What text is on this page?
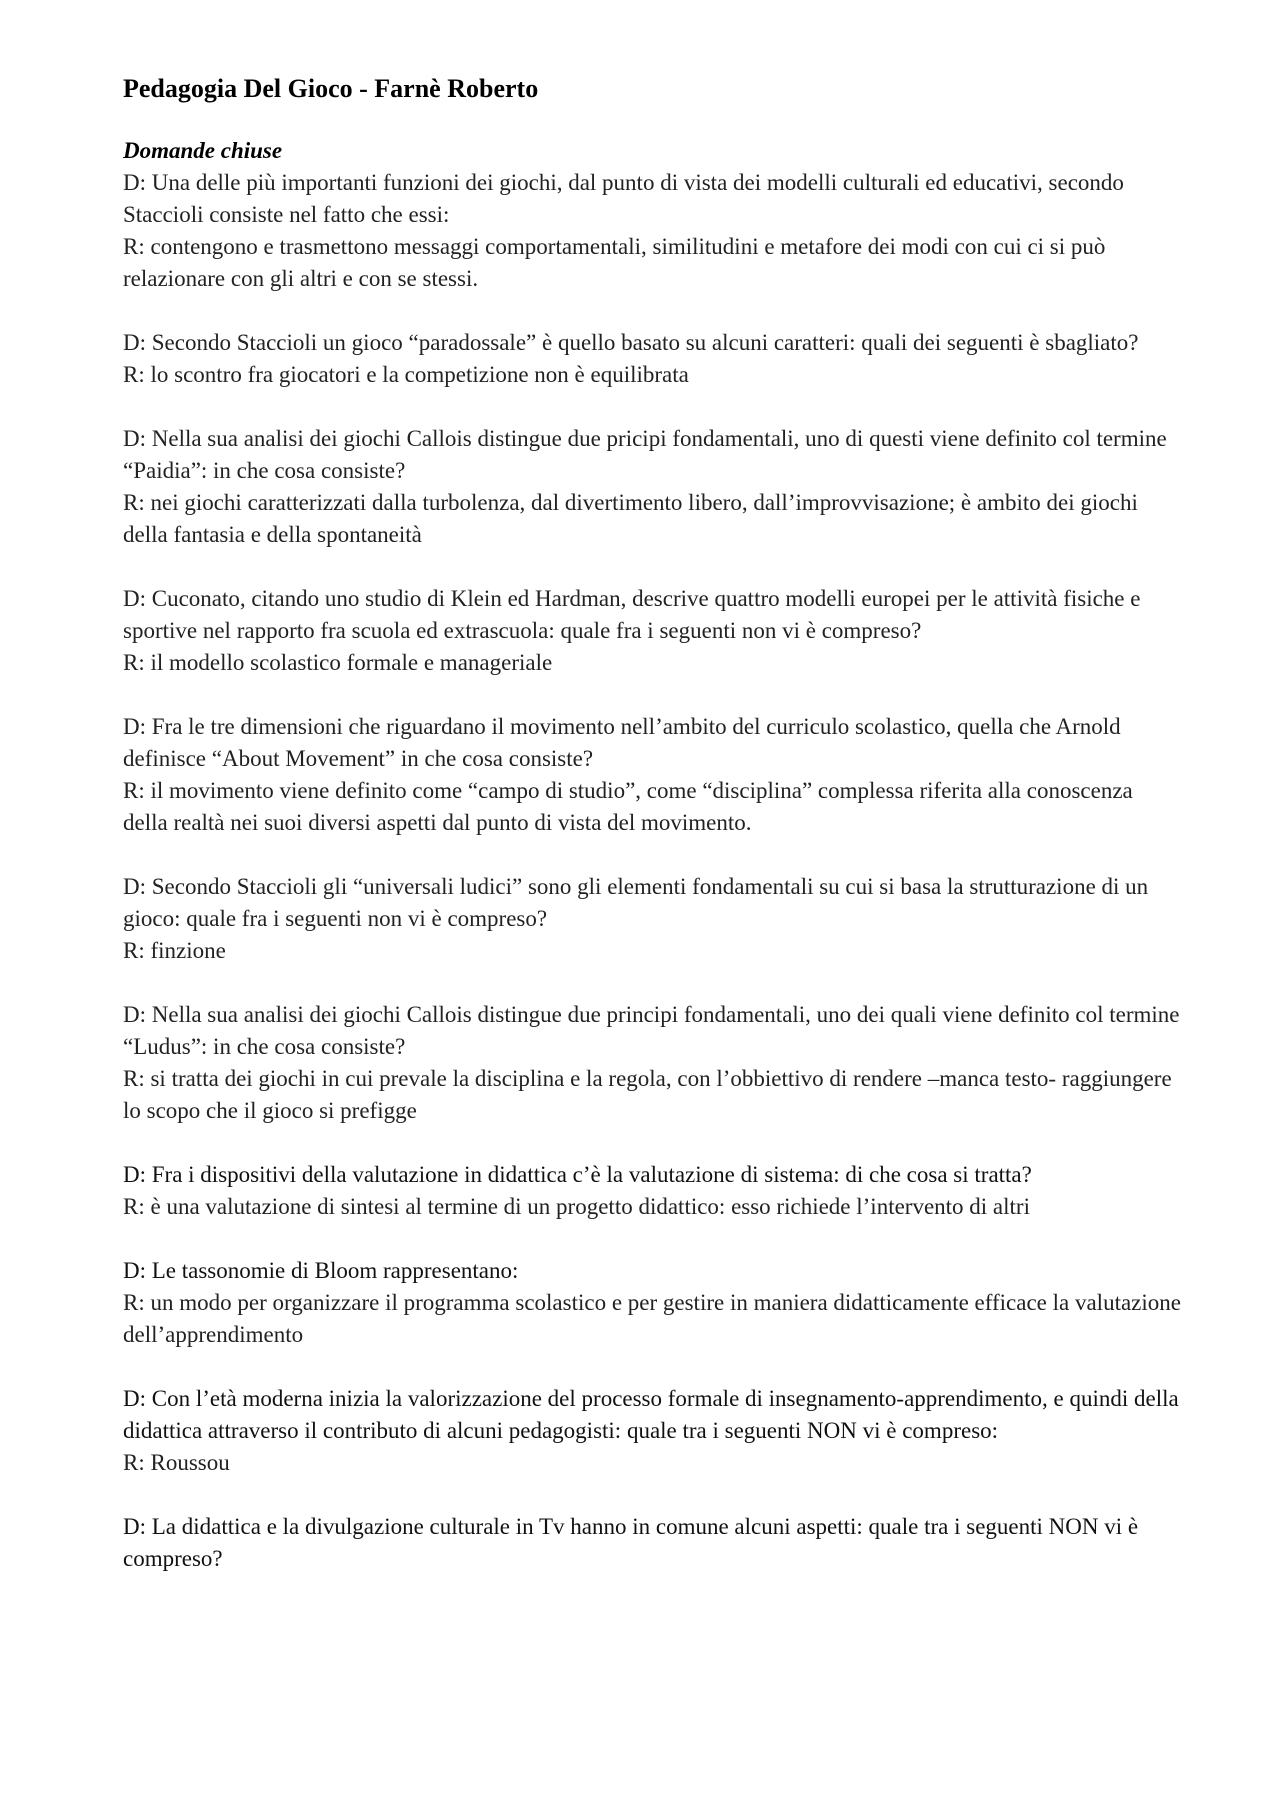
Pedagogia Del Gioco - Farnè Roberto
Domande chiuse

D: Una delle più importanti funzioni dei giochi, dal punto di vista dei modelli culturali ed educativi, secondo Staccioli consiste nel fatto che essi:

R: contengono e trasmettono messaggi comportamentali, similitudini e metafore dei modi con cui ci si può relazionare con gli altri e con se stessi.

D: Secondo Staccioli un gioco “paradossale” è quello basato su alcuni caratteri: quali dei seguenti è sbagliato?

R: lo scontro fra giocatori e la competizione non è equilibrata

D: Nella sua analisi dei giochi Callois distingue due pricipi fondamentali, uno di questi viene definito col termine “Paidia”: in che cosa consiste?

R: nei giochi caratterizzati dalla turbolenza, dal divertimento libero, dall’improvvisazione; è ambito dei giochi della fantasia e della spontaneità

D: Cuconato, citando uno studio di Klein ed Hardman, descrive quattro modelli europei per le attività fisiche e sportive nel rapporto fra scuola ed extrascuola: quale fra i seguenti non vi è compreso?

R: il modello scolastico formale e manageriale

D: Fra le tre dimensioni che riguardano il movimento nell’ambito del curriculo scolastico, quella che Arnold definisce “About Movement” in che cosa consiste?

R: il movimento viene definito come “campo di studio”, come “disciplina” complessa riferita alla conoscenza della realtà nei suoi diversi aspetti dal punto di vista del movimento.

D: Secondo Staccioli gli “universali ludici” sono gli elementi fondamentali su cui si basa la strutturazione di un gioco: quale fra i seguenti non vi è compreso?

R: finzione

D: Nella sua analisi dei giochi Callois distingue due principi fondamentali, uno dei quali viene definito col termine “Ludus”: in che cosa consiste?

R: si tratta dei giochi in cui prevale la disciplina e la regola, con l’obbiettivo di rendere –manca testo- raggiungere lo scopo che il gioco si prefigge

D: Fra i dispositivi della valutazione in didattica c’è la valutazione di sistema: di che cosa si tratta?

R: è una valutazione di sintesi al termine di un progetto didattico: esso richiede l’intervento di altri

D: Le tassonomie di Bloom rappresentano:

R: un modo per organizzare il programma scolastico e per gestire in maniera didatticamente efficace la valutazione dell’apprendimento

D: Con l’età moderna inizia la valorizzazione del processo formale di insegnamento-apprendimento, e quindi della didattica attraverso il contributo di alcuni pedagogisti: quale tra i seguenti NON vi è compreso:

R: Roussou

D: La didattica e la divulgazione culturale in Tv hanno in comune alcuni aspetti: quale tra i seguenti NON vi è compreso?
